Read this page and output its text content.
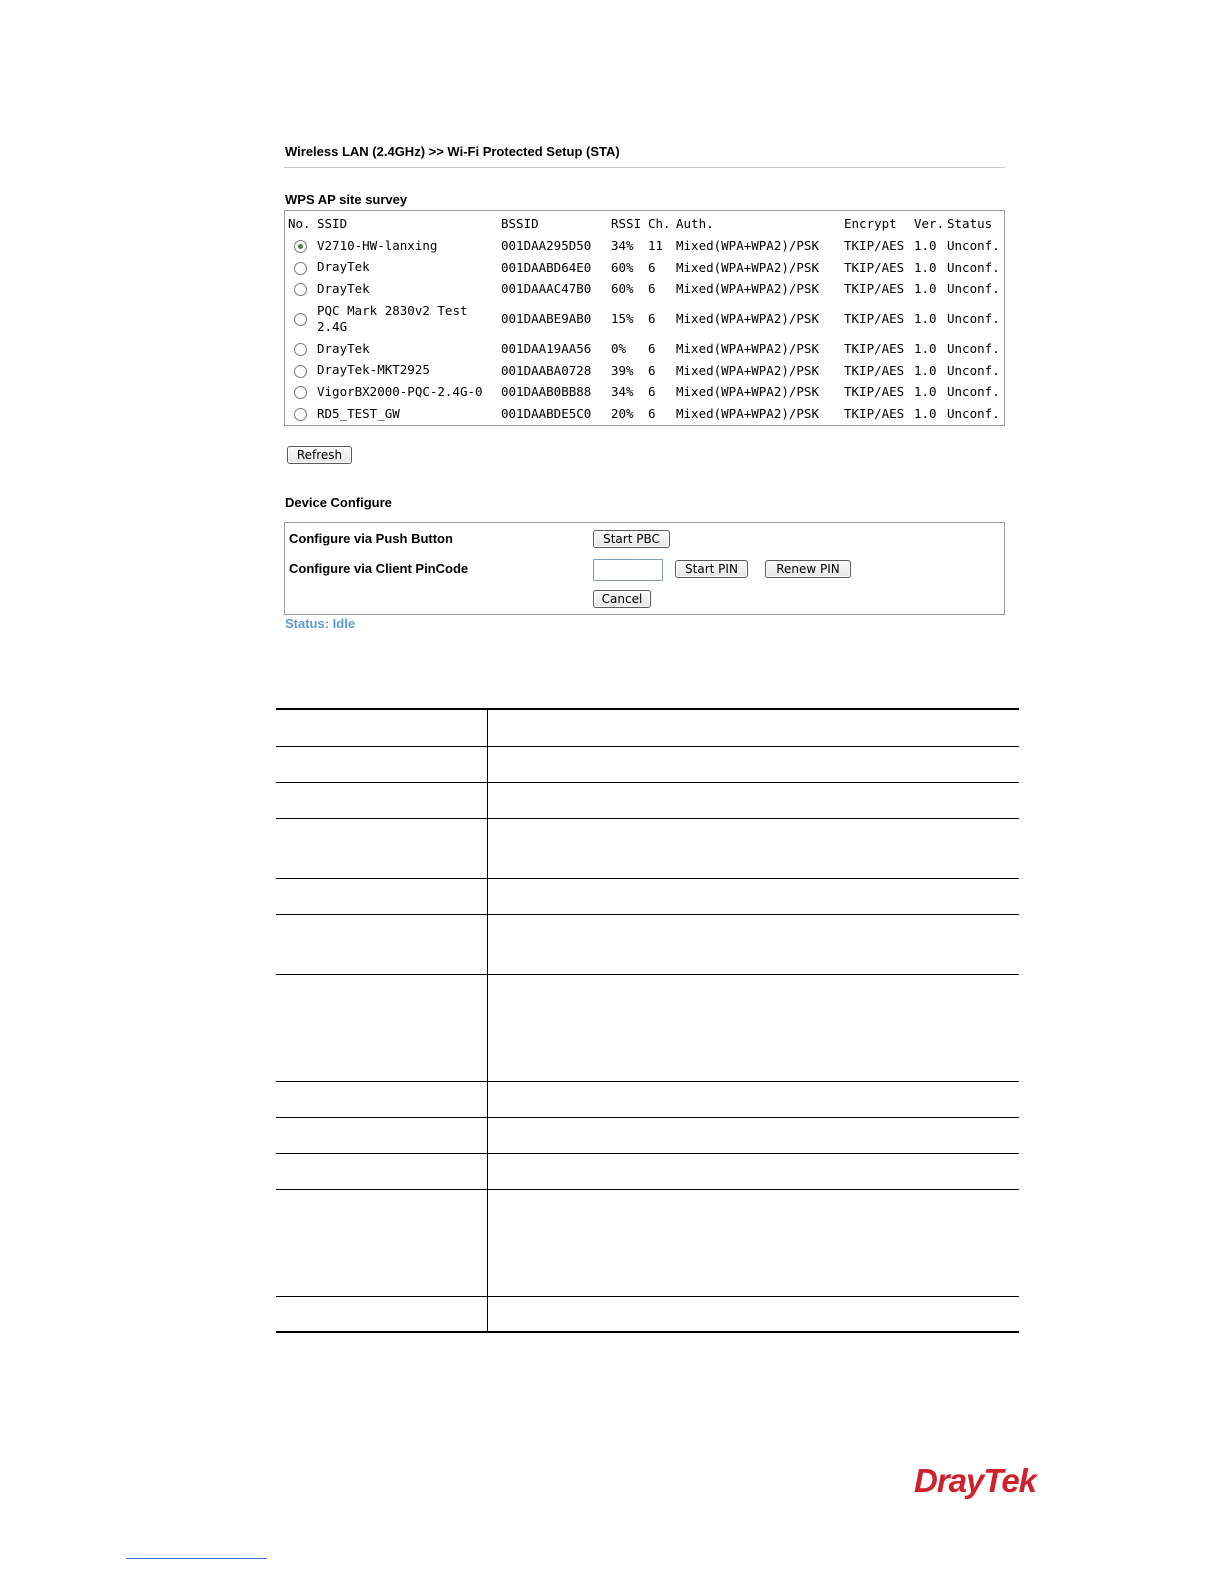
Wireless LAN (2.4GHz) >> Wi-Fi Protected Setup (STA)
WPS AP site survey
No.	SSID	BSSID	RSSI	Ch.	Auth.	Encrypt	Ver.	Status
	V2710-HW-lanxing	001DAA295D50	34%	11	Mixed(WPA+WPA2)/PSK	TKIP/AES	1.0	Unconf.
	DrayTek	001DAABD64E0	60%	6	Mixed(WPA+WPA2)/PSK	TKIP/AES	1.0	Unconf.
	DrayTek	001DAAAC47B0	60%	6	Mixed(WPA+WPA2)/PSK	TKIP/AES	1.0	Unconf.
	PQC Mark 2830v2 Test 2.4G	001DAABE9AB0	15%	6	Mixed(WPA+WPA2)/PSK	TKIP/AES	1.0	Unconf.
	DrayTek	001DAA19AA56	0%	6	Mixed(WPA+WPA2)/PSK	TKIP/AES	1.0	Unconf.
	DrayTek-MKT2925	001DAABA0728	39%	6	Mixed(WPA+WPA2)/PSK	TKIP/AES	1.0	Unconf.
	VigorBX2000-PQC-2.4G-0	001DAAB0BB88	34%	6	Mixed(WPA+WPA2)/PSK	TKIP/AES	1.0	Unconf.
	RD5_TEST_GW	001DAABDE5C0	20%	6	Mixed(WPA+WPA2)/PSK	TKIP/AES	1.0	Unconf.
Refresh
Device Configure
Configure via Push Button	Start PBC
Configure via Client PinCode	Start PIN	Renew PIN
Cancel
Status: Idle

DrayTek
